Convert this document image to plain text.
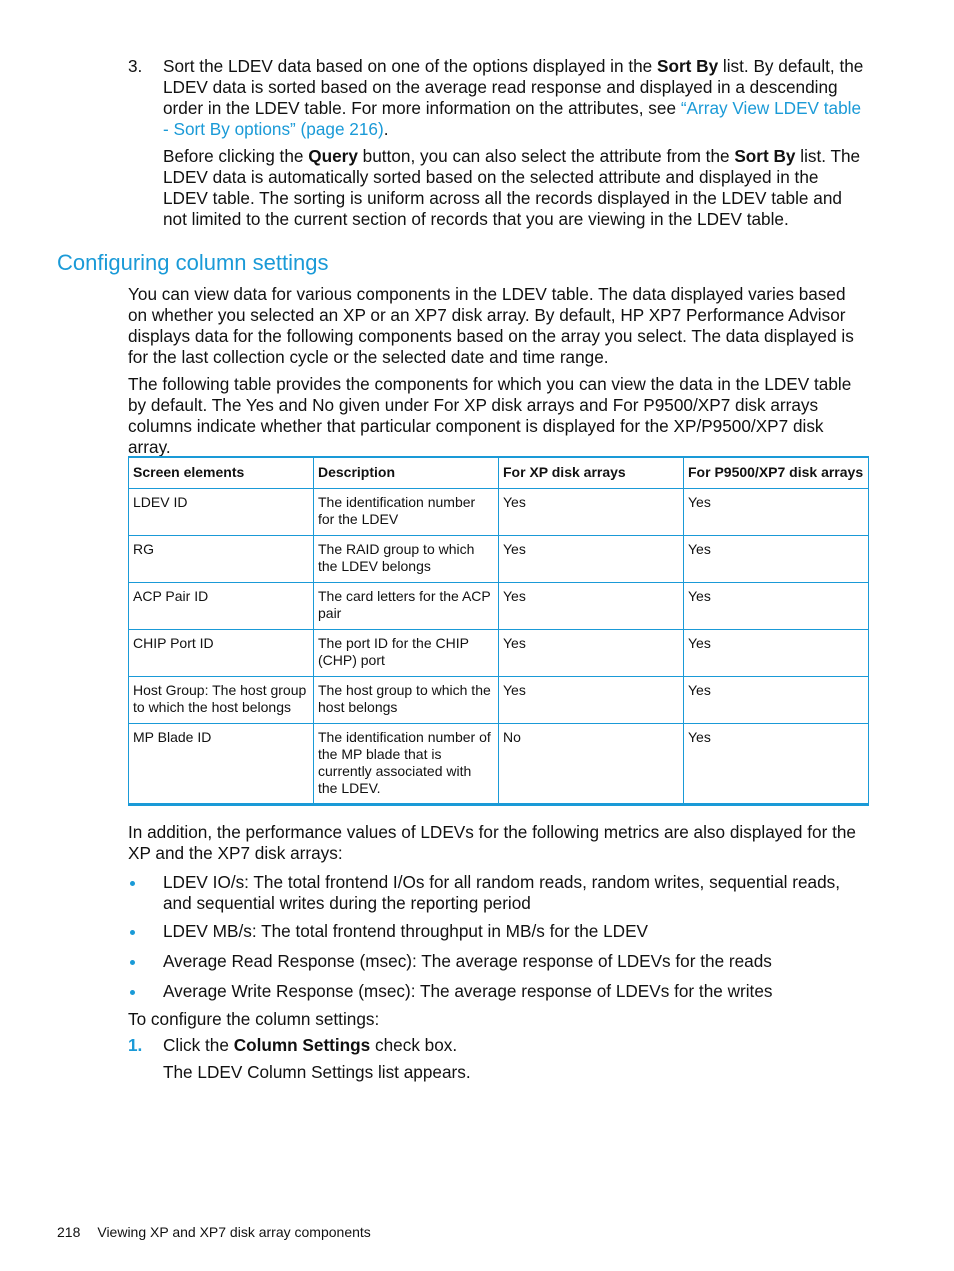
3. Sort the LDEV data based on one of the options displayed in the Sort By list. By default, the LDEV data is sorted based on the average read response and displayed in a descending order in the LDEV table. For more information on the attributes, see “Array View LDEV table - Sort By options” (page 216).

Before clicking the Query button, you can also select the attribute from the Sort By list. The LDEV data is automatically sorted based on the selected attribute and displayed in the LDEV table. The sorting is uniform across all the records displayed in the LDEV table and not limited to the current section of records that you are viewing in the LDEV table.

Configuring column settings

You can view data for various components in the LDEV table. The data displayed varies based on whether you selected an XP or an XP7 disk array. By default, HP XP7 Performance Advisor displays data for the following components based on the array you select. The data displayed is for the last collection cycle or the selected date and time range.

The following table provides the components for which you can view the data in the LDEV table by default. The Yes and No given under For XP disk arrays and For P9500/XP7 disk arrays columns indicate whether that particular component is displayed for the XP/P9500/XP7 disk array.

Screen elements	Description	For XP disk arrays	For P9500/XP7 disk arrays
LDEV ID	The identification number for the LDEV	Yes	Yes
RG	The RAID group to which the LDEV belongs	Yes	Yes
ACP Pair ID	The card letters for the ACP pair	Yes	Yes
CHIP Port ID	The port ID for the CHIP (CHP) port	Yes	Yes
Host Group: The host group to which the host belongs	The host group to which the host belongs	Yes	Yes
MP Blade ID	The identification number of the MP blade that is currently associated with the LDEV.	No	Yes

In addition, the performance values of LDEVs for the following metrics are also displayed for the XP and the XP7 disk arrays:

LDEV IO/s: The total frontend I/Os for all random reads, random writes, sequential reads, and sequential writes during the reporting period
LDEV MB/s: The total frontend throughput in MB/s for the LDEV
Average Read Response (msec): The average response of LDEVs for the reads
Average Write Response (msec): The average response of LDEVs for the writes

To configure the column settings:

1. Click the Column Settings check box.

The LDEV Column Settings list appears.

218 Viewing XP and XP7 disk array components
